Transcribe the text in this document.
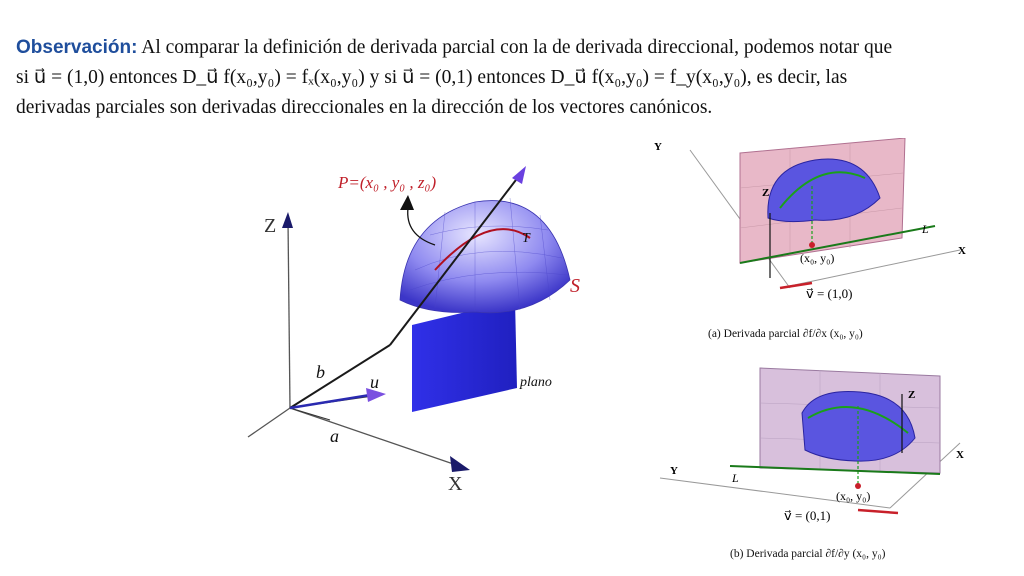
Observación: Al comparar la definición de derivada parcial con la de derivada direccional, podemos notar que
si u⃗ = (1,0) entonces D_u⃗ f(x₀,y₀) = fₓ(x₀,y₀) y si u⃗ = (0,1) entonces D_u⃗ f(x₀,y₀) = f_y(x₀,y₀), es decir, las
derivadas parciales son derivadas direccionales en la dirección de los vectores canónicos.
P=(x₀ , y₀ , z₀)
S
plano
Z
X
u
a
b
T
Y
X
Z
L
(x₀, y₀)
v⃗ = (1,0)
(a) Derivada parcial ∂f/∂x (x₀, y₀)
Y
X
Z
L
(x₀, y₀)
v⃗ = (0,1)
(b) Derivada parcial ∂f/∂y (x₀, y₀)
